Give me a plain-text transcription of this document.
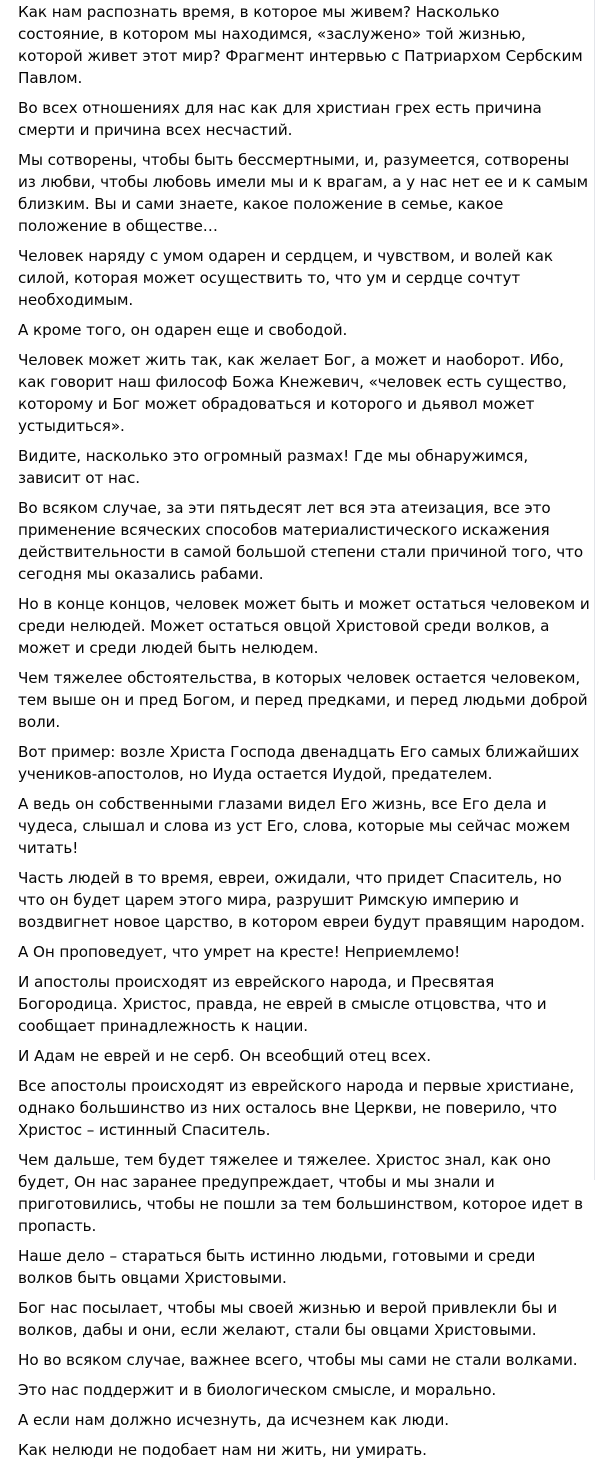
Как нам распознать время, в которое мы живем? Насколько состояние, в котором мы находимся, «заслужено» той жизнью, которой живет этот мир? Фрагмент интервью с Патриархом Сербским Павлом.

Во всех отношениях для нас как для христиан грех есть причина смерти и причина всех несчастий.

Мы сотворены, чтобы быть бессмертными, и, разумеется, сотворены из любви, чтобы любовь имели мы и к врагам, а у нас нет ее и к самым близким. Вы и сами знаете, какое положение в семье, какое положение в обществе…

Человек наряду с умом одарен и сердцем, и чувством, и волей как силой, которая может осуществить то, что ум и сердце сочтут необходимым.

А кроме того, он одарен еще и свободой.

Человек может жить так, как желает Бог, а может и наоборот. Ибо, как говорит наш философ Божа Кнежевич, «человек есть существо, которому и Бог может обрадоваться и которого и дьявол может устыдиться».

Видите, насколько это огромный размах! Где мы обнаружимся, зависит от нас.

Во всяком случае, за эти пятьдесят лет вся эта атеизация, все это применение всяческих способов материалистического искажения действительности в самой большой степени стали причиной того, что сегодня мы оказались рабами.

Но в конце концов, человек может быть и может остаться человеком и среди нелюдей. Может остаться овцой Христовой среди волков, а может и среди людей быть нелюдем.

Чем тяжелее обстоятельства, в которых человек остается человеком, тем выше он и пред Богом, и перед предками, и перед людьми доброй воли.

Вот пример: возле Христа Господа двенадцать Его самых ближайших учеников-апостолов, но Иуда остается Иудой, предателем.

А ведь он собственными глазами видел Его жизнь, все Его дела и чудеса, слышал и слова из уст Его, слова, которые мы сейчас можем читать!

Часть людей в то время, евреи, ожидали, что придет Спаситель, но что он будет царем этого мира, разрушит Римскую империю и воздвигнет новое царство, в котором евреи будут правящим народом.

А Он проповедует, что умрет на кресте! Неприемлемо!

И апостолы происходят из еврейского народа, и Пресвятая Богородица. Христос, правда, не еврей в смысле отцовства, что и сообщает принадлежность к нации.

И Адам не еврей и не серб. Он всеобщий отец всех.

Все апостолы происходят из еврейского народа и первые христиане, однако большинство из них осталось вне Церкви, не поверило, что Христос – истинный Спаситель.

Чем дальше, тем будет тяжелее и тяжелее. Христос знал, как оно будет, Он нас заранее предупреждает, чтобы и мы знали и приготовились, чтобы не пошли за тем большинством, которое идет в пропасть.

Наше дело – стараться быть истинно людьми, готовыми и среди волков быть овцами Христовыми.

Бог нас посылает, чтобы мы своей жизнью и верой привлекли бы и волков, дабы и они, если желают, стали бы овцами Христовыми.

Но во всяком случае, важнее всего, чтобы мы сами не стали волками.

Это нас поддержит и в биологическом смысле, и морально.

А если нам должно исчезнуть, да исчезнем как люди.

Как нелюди не подобает нам ни жить, ни умирать.
